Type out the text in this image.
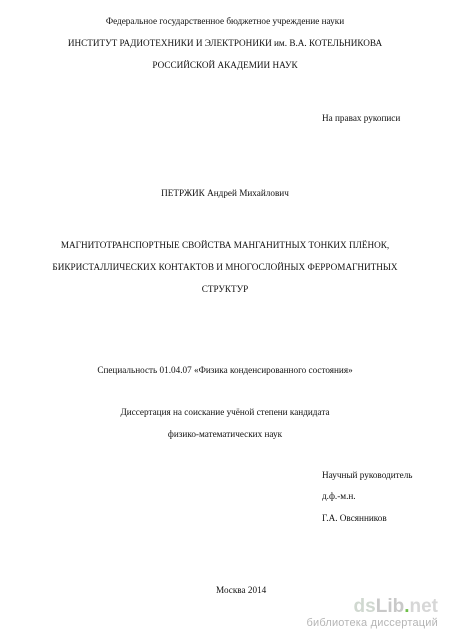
Федеральное государственное бюджетное учреждение науки
ИНСТИТУТ РАДИОТЕХНИКИ И ЭЛЕКТРОНИКИ им. В.А. КОТЕЛЬНИКОВА
РОССИЙСКОЙ АКАДЕМИИ НАУК
На правах рукописи
ПЕТРЖИК Андрей Михайлович
МАГНИТОТРАНСПОРТНЫЕ СВОЙСТВА МАНГАНИТНЫХ ТОНКИХ ПЛЁНОК,
БИКРИСТАЛЛИЧЕСКИХ КОНТАКТОВ И МНОГОСЛОЙНЫХ ФЕРРОМАГНИТНЫХ
СТРУКТУР
Специальность 01.04.07 «Физика конденсированного состояния»
Диссертация на соискание учёной степени кандидата
физико-математических наук
Научный руководитель
д.ф.-м.н.
Г.А. Овсянников
Москва 2014
dsLib.net
библиотека диссертаций
